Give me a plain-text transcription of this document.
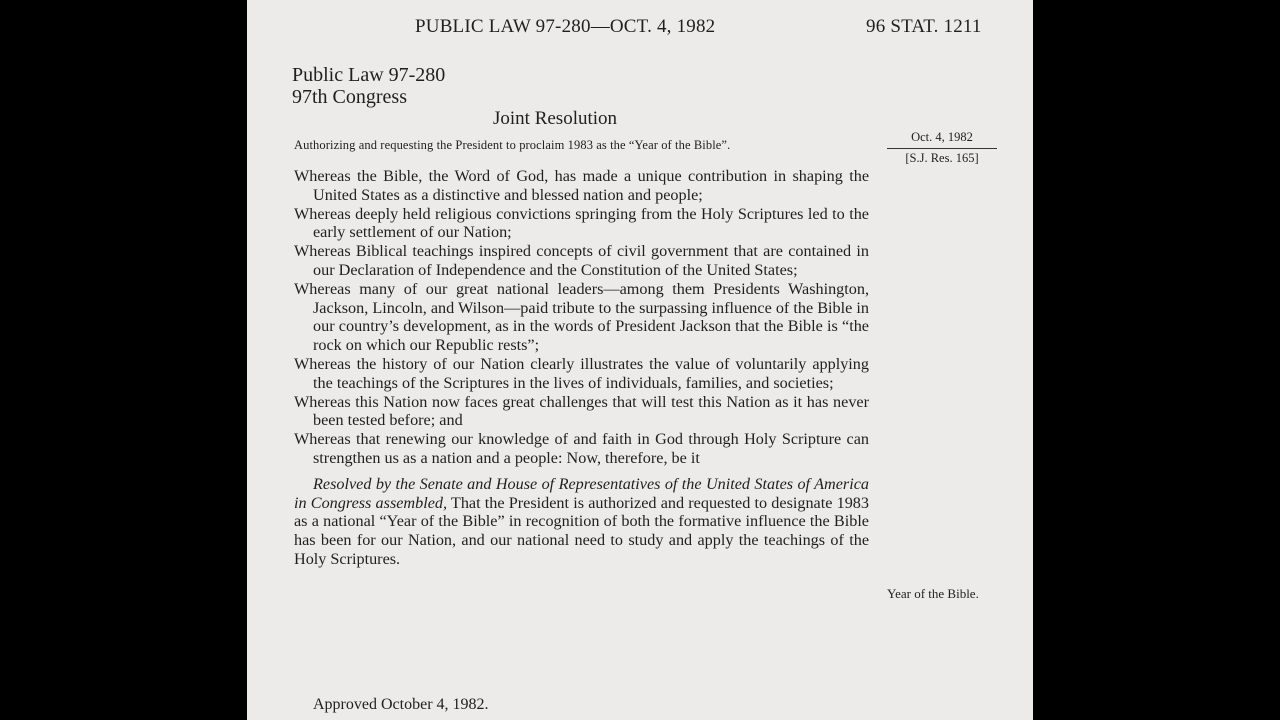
PUBLIC LAW 97-280—OCT. 4, 1982	96 STAT. 1211
Public Law 97-280
97th Congress
Joint Resolution
Authorizing and requesting the President to proclaim 1983 as the “Year of the Bible”.
Oct. 4, 1982
[S.J. Res. 165]
Whereas the Bible, the Word of God, has made a unique contribution in shaping the United States as a distinctive and blessed nation and people;
Whereas deeply held religious convictions springing from the Holy Scriptures led to the early settlement of our Nation;
Whereas Biblical teachings inspired concepts of civil government that are contained in our Declaration of Independence and the Constitution of the United States;
Whereas many of our great national leaders—among them Presidents Washington, Jackson, Lincoln, and Wilson—paid tribute to the surpassing influence of the Bible in our country’s development, as in the words of President Jackson that the Bible is “the rock on which our Republic rests”;
Whereas the history of our Nation clearly illustrates the value of voluntarily applying the teachings of the Scriptures in the lives of individuals, families, and societies;
Whereas this Nation now faces great challenges that will test this Nation as it has never been tested before; and
Whereas that renewing our knowledge of and faith in God through Holy Scripture can strengthen us as a nation and a people: Now, therefore, be it
Resolved by the Senate and House of Representatives of the United States of America in Congress assembled, That the President is authorized and requested to designate 1983 as a national “Year of the Bible” in recognition of both the formative influence the Bible has been for our Nation, and our national need to study and apply the teachings of the Holy Scriptures.
Year of the Bible.
Approved October 4, 1982.
